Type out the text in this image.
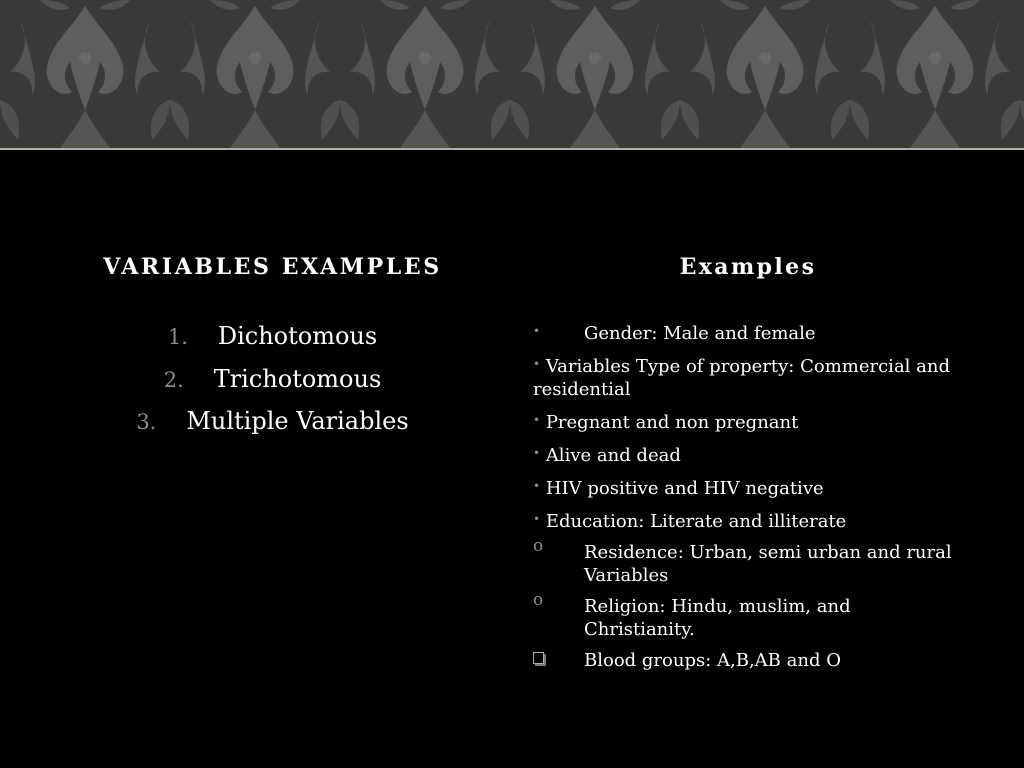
VARIABLES EXAMPLES	Examples
1.	Dichotomous
2.	Trichotomous
3.	Multiple Variables
•	Gender: Male and female
• Variables Type of property: Commercial and residential
• Pregnant and non pregnant
• Alive and dead
• HIV positive and HIV negative
• Education: Literate and illiterate
o	Residence: Urban, semi urban and rural Variables
o	Religion: Hindu, muslim, and Christianity.
Blood groups: A,B,AB and O
